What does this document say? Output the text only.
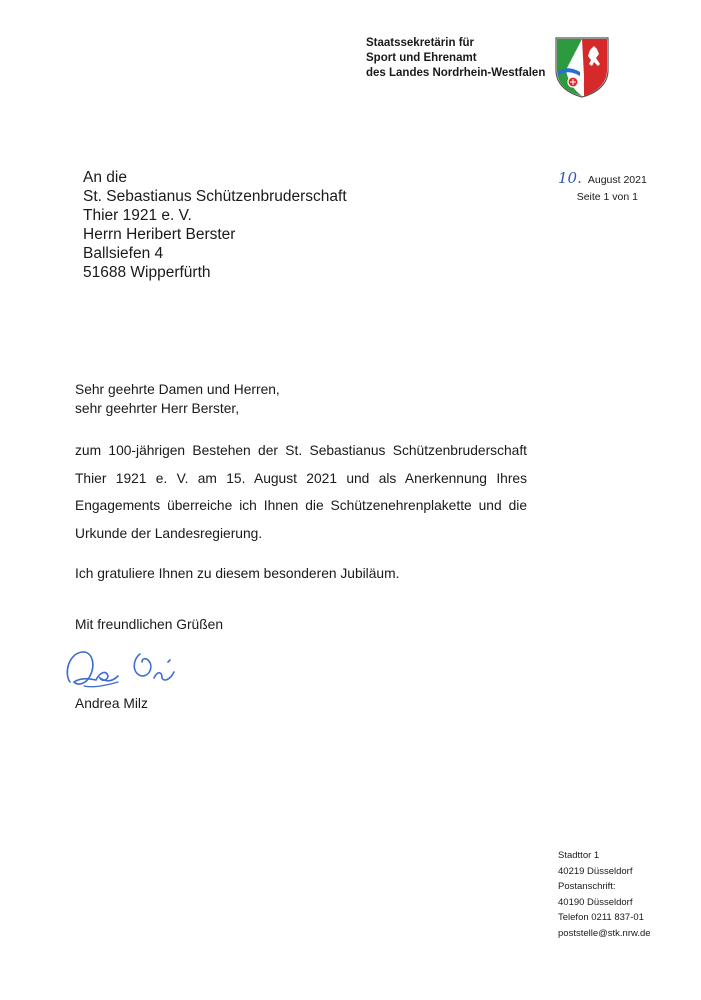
Staatssekretärin für
Sport und Ehrenamt
des Landes Nordrhein-Westfalen
An die
St. Sebastianus Schützenbruderschaft
Thier 1921 e. V.
Herrn Heribert Berster
Ballsiefen 4
51688 Wipperfürth
10. August 2021
Seite 1 von 1
Sehr geehrte Damen und Herren,
sehr geehrter Herr Berster,
zum 100-jährigen Bestehen der St. Sebastianus Schützenbruderschaft Thier 1921 e. V. am 15. August 2021 und als Anerkennung Ihres Engagements überreiche ich Ihnen die Schützenehrenplakette und die Urkunde der Landesregierung.
Ich gratuliere Ihnen zu diesem besonderen Jubiläum.
Mit freundlichen Grüßen
Andrea Milz
Stadttor 1
40219 Düsseldorf
Postanschrift:
40190 Düsseldorf
Telefon 0211 837-01
poststelle@stk.nrw.de
